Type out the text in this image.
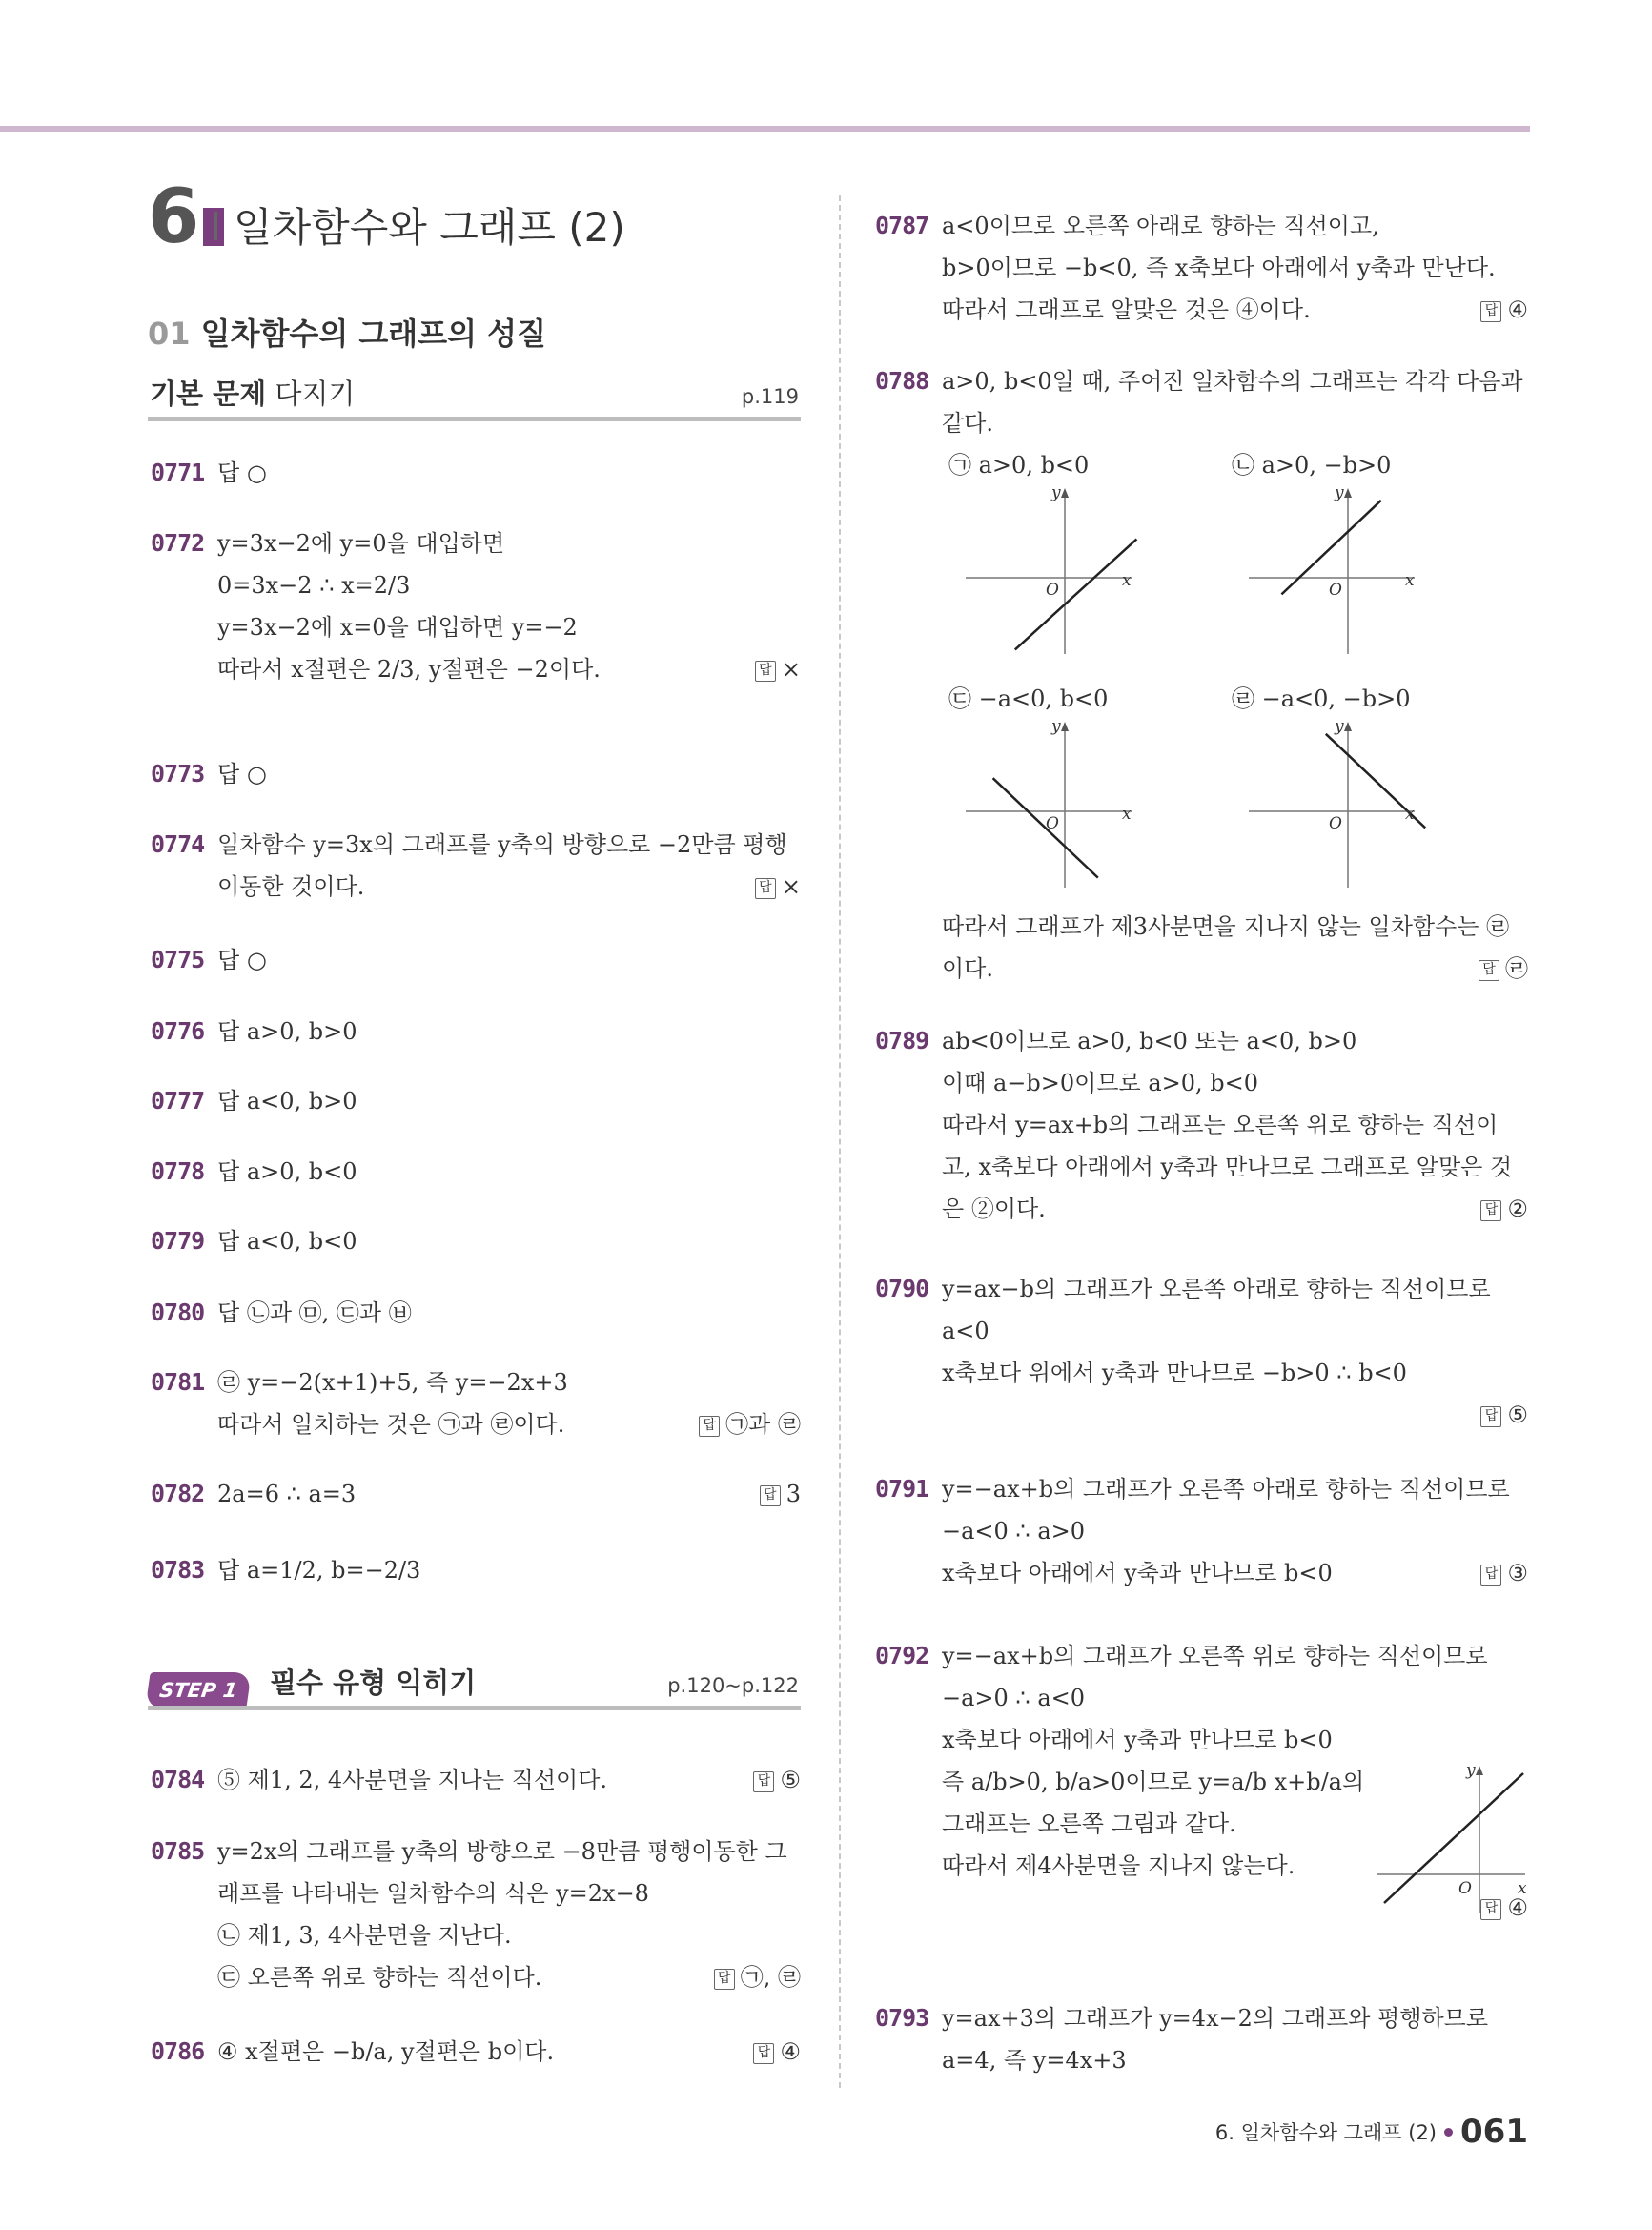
6 일차함수와 그래프 (2)
01 일차함수의 그래프의 성질
기본 문제 다지기	p.119
STEP 1	필수 유형 익히기	p.120~p.122
㉠ a>0, b<0
x
y
O
㉡ a>0, −b>0
x
y
O
㉢ −a<0, b<0
x
y
O
㉣ −a<0, −b>0
x
y
O
6. 일차함수와 그래프 (2) 061
0771 답 ○
0772 y=3x−2에 y=0을 대입하면
0=3x−2 ∴ x=2/3
y=3x−2에 x=0을 대입하면 y=−2
따라서 x절편은 2/3, y절편은 −2이다.	답 ×
0773 답 ○
0774 일차함수 y=3x의 그래프를 y축의 방향으로 −2만큼 평행
이동한 것이다.	답 ×
0775 답 ○
0776 답 a>0, b>0
0777 답 a<0, b>0
0778 답 a>0, b<0
0779 답 a<0, b<0
0780 답 ㉡과 ㉤, ㉢과 ㉥
0781 ㉣ y=−2(x+1)+5, 즉 y=−2x+3
따라서 일치하는 것은 ㉠과 ㉣이다.	답 ㉠과 ㉣
0782 2a=6 ∴ a=3	답 3
0783 답 a=1/2, b=−2/3
0784 ⑤ 제1, 2, 4사분면을 지나는 직선이다.	답 ⑤
0785 y=2x의 그래프를 y축의 방향으로 −8만큼 평행이동한 그
래프를 나타내는 일차함수의 식은 y=2x−8
㉡ 제1, 3, 4사분면을 지난다.
㉢ 오른쪽 위로 향하는 직선이다.	답 ㉠, ㉣
0786 ④ x절편은 −b/a, y절편은 b이다.	답 ④
0787 a<0이므로 오른쪽 아래로 향하는 직선이고,
b>0이므로 −b<0, 즉 x축보다 아래에서 y축과 만난다.
따라서 그래프로 알맞은 것은 ④이다.	답 ④
0788 a>0, b<0일 때, 주어진 일차함수의 그래프는 각각 다음과
같다.
0789 ab<0이므로 a>0, b<0 또는 a<0, b>0
이때 a−b>0이므로 a>0, b<0
따라서 y=ax+b의 그래프는 오른쪽 위로 향하는 직선이
고, x축보다 아래에서 y축과 만나므로 그래프로 알맞은 것
은 ②이다.	답 ②
0790 y=ax−b의 그래프가 오른쪽 아래로 향하는 직선이므로
a<0
x축보다 위에서 y축과 만나므로 −b>0 ∴ b<0
답 ⑤
0791 y=−ax+b의 그래프가 오른쪽 아래로 향하는 직선이므로
−a<0 ∴ a>0
x축보다 아래에서 y축과 만나므로 b<0	답 ③
0792 y=−ax+b의 그래프가 오른쪽 위로 향하는 직선이므로
−a>0 ∴ a<0
x축보다 아래에서 y축과 만나므로 b<0
즉 a/b>0, b/a>0이므로 y=a/b x+b/a의
그래프는 오른쪽 그림과 같다.
따라서 제4사분면을 지나지 않는다.
답 ④
0793 y=ax+3의 그래프가 y=4x−2의 그래프와 평행하므로
a=4, 즉 y=4x+3
따라서 그래프가 제3사분면을 지나지 않는 일차함수는 ㉣
이다.	답 ㉣
x
y
O
